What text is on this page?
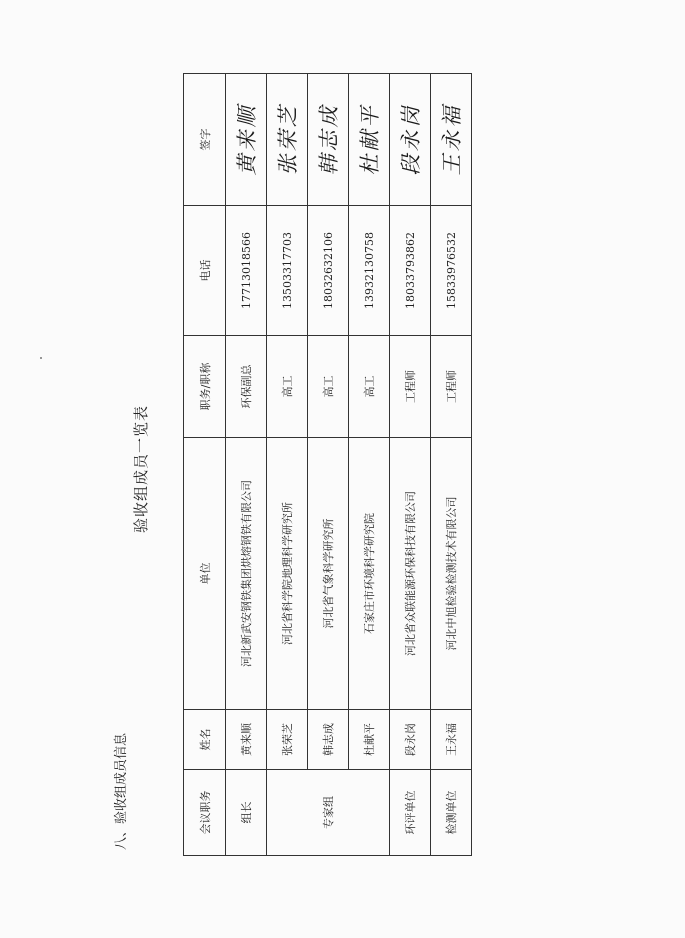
八、验收组成员信息
验收组成员一览表
会议职务	姓名	单位	职务/职称	电话	签字
组长	黄来顺	河北新武安钢铁集团烘熔钢铁有限公司	环保副总	17713018566	黄来顺
专家组	张荣芝	河北省科学院地理科学研究所	高工	13503317703	张荣芝
	韩志成	河北省气象科学研究所	高工	18032632106	韩志成
	杜献平	石家庄市环境科学研究院	高工	13932130758	杜献平
环评单位	段永岗	河北省众联能源环保科技有限公司	工程师	18033793862	段永岗
检测单位	王永福	河北中旭检验检测技术有限公司	工程师	15833976532	王永福
